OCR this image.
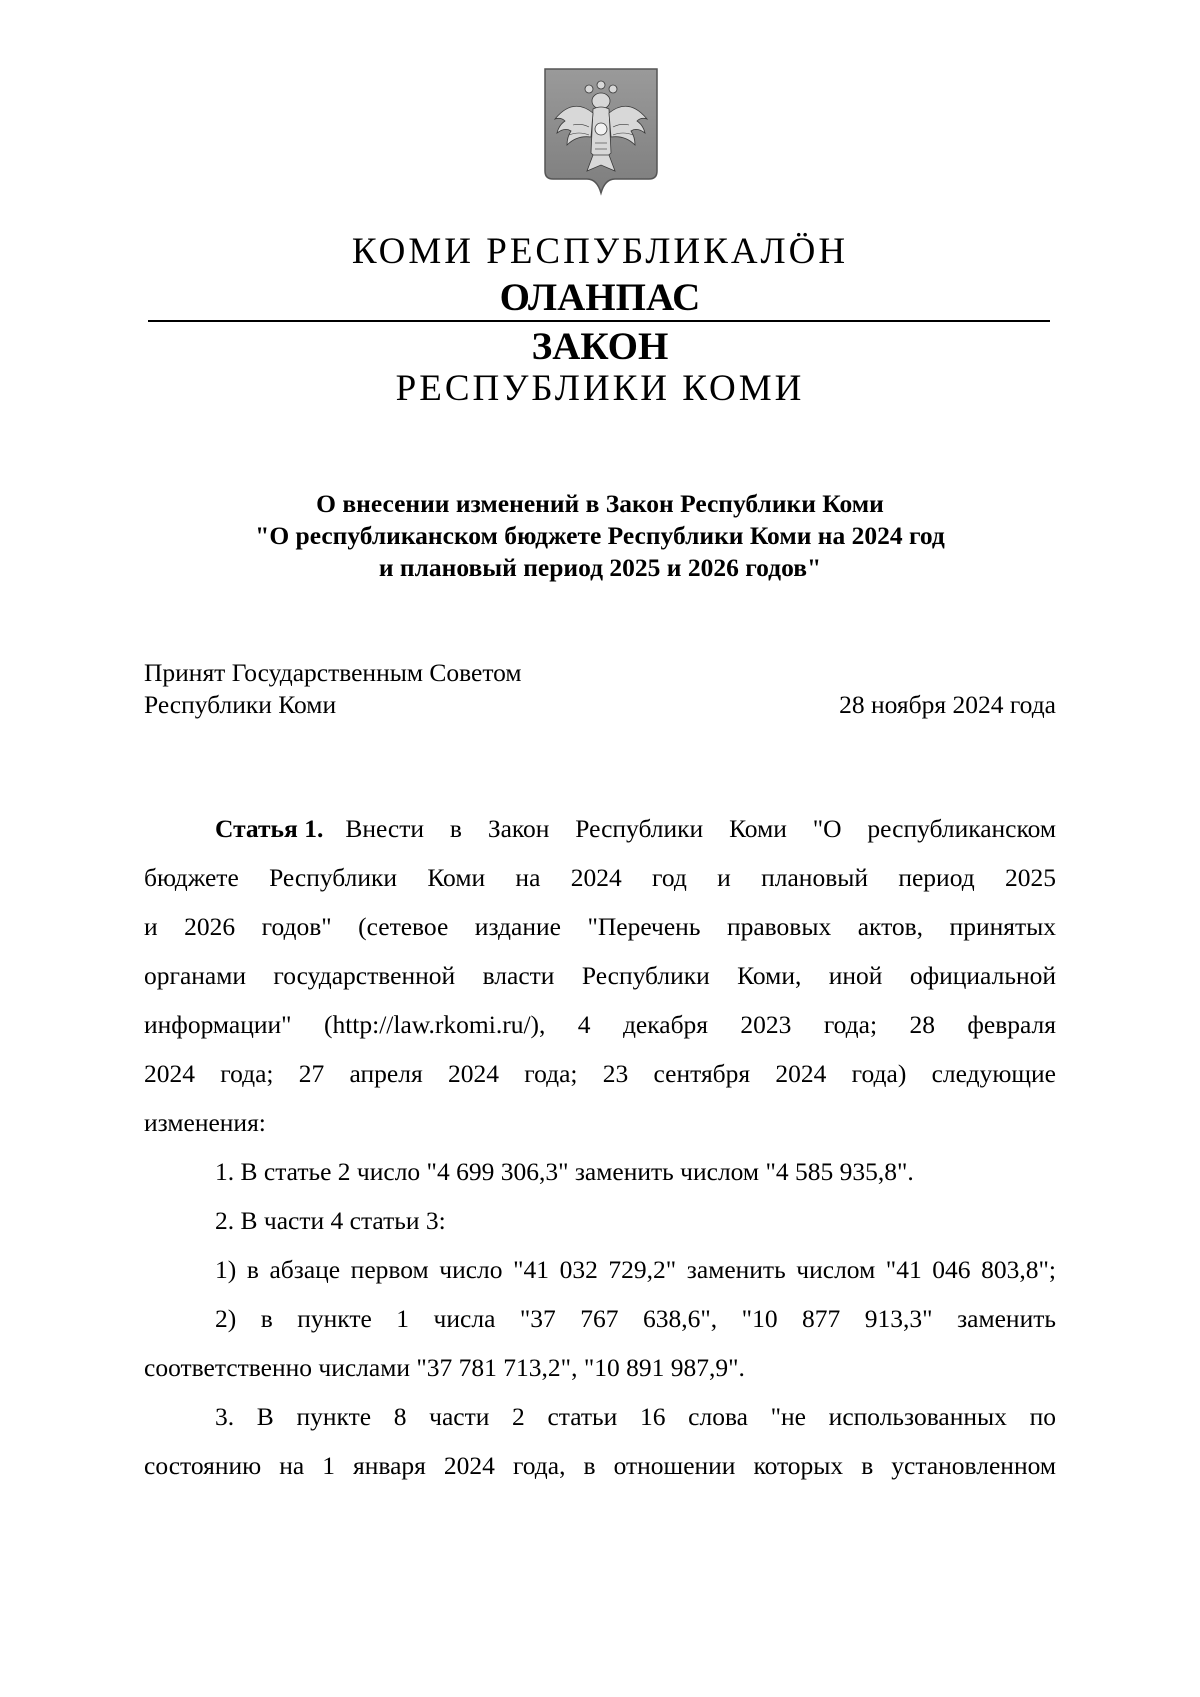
КОМИ РЕСПУБЛИКАЛÖН
ОЛАНПАС
ЗАКОН
РЕСПУБЛИКИ КОМИ
О внесении изменений в Закон Республики Коми
"О республиканском бюджете Республики Коми на 2024 год
и плановый период 2025 и 2026 годов"
Принят Государственным Советом
Республики Коми	28 ноября 2024 года
Статья 1. Внести в Закон Республики Коми "О республиканском
бюджете Республики Коми на 2024 год и плановый период 2025
и 2026 годов" (сетевое издание "Перечень правовых актов, принятых
органами государственной власти Республики Коми, иной официальной
информации" (http://law.rkomi.ru/), 4 декабря 2023 года; 28 февраля
2024 года; 27 апреля 2024 года; 23 сентября 2024 года) следующие
изменения:
1. В статье 2 число "4 699 306,3" заменить числом "4 585 935,8".
2. В части 4 статьи 3:
1) в абзаце первом число "41 032 729,2" заменить числом "41 046 803,8";
2) в пункте 1 числа "37 767 638,6", "10 877 913,3" заменить
соответственно числами "37 781 713,2", "10 891 987,9".
3. В пункте 8 части 2 статьи 16 слова "не использованных по
состоянию на 1 января 2024 года, в отношении которых в установленном
